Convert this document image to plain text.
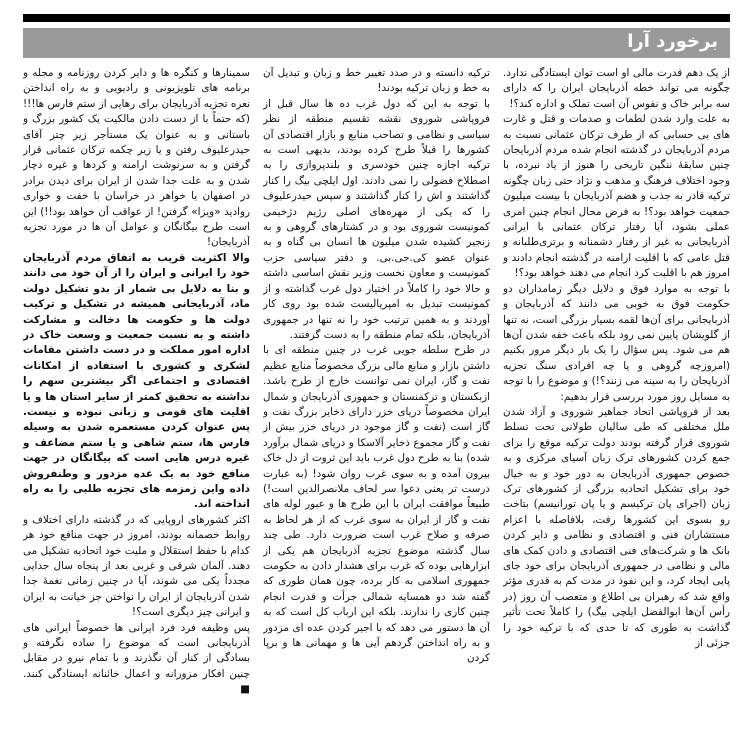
برخورد آرا

از یک دهم قدرت مالی او است توان ایستادگی ندارد. چگونه می تواند خطه آذربایجان ایران را که دارای سه برابر خاک و نفوس آن است تملک و اداره کند؟!

به علت وارد شدن لطمات و صدمات و قتل و غارت های بی حسابی که از طرف ترکان عثمانی نسبت به مردم آذربایجان در گذشته انجام شده مردم آذربایجان چنین سابقهٔ ننگین تاریخی را هنوز از یاد نبرده، با وجود اختلاف فرهنگ و مذهب و نژاد حتی زبان چگونه ترکیه قادر به جذب و هضم آذربایجان با بیست میلیون جمعیت خواهد بود؟! به فرض محال انجام چنین امری عملی بشود، آیا رفتار ترکان عثمانی با ایرانی آذربایجانی به غیر از رفتار دشمنانه و برتری‌طلبانه و قتل عامی که با اقلیت ارامنه در گذشته انجام دادند و امروز هم با اقلیت کرد انجام می دهند خواهد بود؟!

با توجه به موارد فوق و دلایل دیگر زمامداران دو حکومت فوق به خوبی می دانند که آذربایجان و آذربایجانی برای آن‌ها لقمه بسیار بزرگی است، نه تنها از گلویشان پایین نمی رود بلکه باعث خفه شدن آن‌ها هم می شود. پس سؤال را یک بار دیگر مرور بکنیم (امروزچه گروهی و یا چه افرادی سنگ تجزیه آذربایجان را به سینه می زنند؟!) و موضوع را با توجه به مسایل روز مورد بررسی قرار بدهیم:

بعد از فروپاشی اتحاد جماهیر شوروی و آزاد شدن ملل مختلفی که طی سالیان طولانی تحت تسلط شوروی قرار گرفته بودند دولت ترکیه موقع را برای جمع کردن کشورهای ترک زبان آسیای مرکزی و به خصوص جمهوری آذربایجان به دور خود و به خیال خود برای تشکیل اتحادیه بزرگی از کشورهای ترک زبان (اجرای پان ترکیسم و یا پان تورانیسم) بتاخت رو بسوی این کشورها رفت، بلافاصله با اعزام مستشاران فنی و اقتصادی و نظامی و دایر کردن بانک ها و شرکت‌های فنی اقتصادی و دادن کمک های مالی و نظامی در جمهوری آذربایجان برای خود جای پایی ایجاد کرد، و این نفوذ در مدت کم به قدری مؤثر واقع شد که رهبران بی اطلاع و متعصب آن روز (در رأس آن‌ها ابوالفضل ایلچی بیگ) را کاملاً تحت تأثیر گذاشت به طوری که تا حدی که با ترکیه خود را جزئی از

ترکیه دانسته و در صدد تغییر خط و زبان و تبدیل آن به خط و زبان ترکیه بودند!

با توجه به این که دول غرب ده ها سال قبل از فروپاشی شوروی نقشه تقسیم منطقه از نظر سیاسی و نظامی و تصاحب منابع و بازار اقتصادی آن کشورها را قبلاً طرح کرده بودند، بدیهی است به ترکیه اجازه چنین خودسری و بلندپروازی را به اصطلاح فضولی را نمی دادند. اول ایلچی بیگ را کنار گذاشتند و اش را کنار گذاشتند و سپس حیدرعلیوف را که یکی از مهره‌های اصلی رژیم دژخیمی کمونیست شوروی بود و در کشتارهای گروهی و به زنجیر کشیده شدن میلیون ها انسان بی گناه و به عنوان عضو کی.جی.بی. و دفتر سیاسی حزب کمونیست و معاون نخست وزیر نقش اساسی داشته و حالا خود را کاملاً در اختیار دول غرب گذاشته و از کمونیست تبدیل به امپریالیست شده بود روی کار آوردند و به همین ترتیب خود را نه تنها در جمهوری آذربایجان، بلکه تمام منطقه را به دست گرفتند.

در طرح سلطه جویی غرب در چنین منطقه ای با داشتن بازار و منابع مالی بزرگ مخصوصاً منابع عظیم نفت و گاز، ایران نمی توانست خارج از طرح باشد. ازبکستان و ترکمنستان و جمهوری آذربایجان و شمال ایران مخصوصاً دریای خزر دارای ذخایر بزرگ نفت و گاز است (نفت و گاز موجود در دریای خزر بیش از نفت و گاز مجموع ذخایر آلاسکا و دریای شمال برآورد شده) بنا به طرح دول غرب باید این ثروت از دل خاک بیرون آمده و به سوی غرب روان شود! (به عبارت درست تر یعنی دعوا سر لحاف ملانصرالدین است!) طبیعاً موافقت ایران با این طرح ها و عبور لوله های نفت و گاز از ایران به سوی غرب که از هر لحاظ به صرفه و صلاح غرب است ضرورت دارد. طی چند سال گذشته موضوع تجزیه آذربایجان هم یکی از ابزارهایی بوده که غرب برای هشدار دادن به حکومت جمهوری اسلامی به کار برده، چون همان طوری که گفته شد دو همسایه شمالی جرأت و قدرت انجام چنین کاری را ندارند. بلکه این ارباب کل است که به آن ها دستور می دهد که با اجیر کردن عده ای مزدور و به راه انداختن گردهم آیی ها و مهمانی ها و برپا کردن

سمینارها و کنگره ها و دایر کردن روزنامه و مجله و برنامه های تلویزیونی و رادیویی و به راه انداختن نعره تجزیه آذربایجان برای رهایی از ستم فارس ها!!! (که حتماً با از دست دادن مالکیت یک کشور بزرگ و باستانی و به عنوان یک مستأجر زیر چتر آقای حیدرعلیوف رفتن و یا زیر چکمه ترکان عثمانی قرار گرفتن و به سرنوشت ارامنه و کردها و غیره دچار شدن و به علت جدا شدن از ایران برای دیدن برادر در اصفهان یا خواهر در خراسان با خفت و خواری روادید «ویزا» گرفتن! از عواقب آن خواهد بود!!) این است طرح بیگانگان و عوامل آن ها در مورد تجزیه آذربایجان!

والا اکثریت قریب به اتفاق مردم آذربایجان خود را ایرانی و ایران را از آن خود می دانند و بنا به دلایل بی شمار از بدو تشکیل دولت ماد، آذربایجانی همیشه در تشکیل و ترکیب دولت ها و حکومت ها دخالت و مشارکت داشته و به نسبت جمعیت و وسعت خاک در اداره امور مملکت و در دست داشتن مقامات لشکری و کشوری با استفاده از امکانات اقتصادی و اجتماعی اگر بیشترین سهم را نداشته به تحقیق کمتر از سایر استان ها و یا اقلیت های قومی و زبانی نبوده و نیست. پس عنوان کردن مستعمره شدن به وسیله فارس ها، ستم شاهی و یا ستم مضاعف و غیره درس هایی است که بیگانگان در جهت منافع خود به یک عده مزدور و وطنفروش داده واین زمزمه های تجزیه طلبی را به راه انداخته اند.

اکثر کشورهای اروپایی که در گذشته دارای اختلاف و روابط خصمانه بودند، امروز در جهت منافع خود هر کدام با حفظ استقلال و ملیت خود اتحادیه تشکیل می دهند. آلمان شرقی و غربی بعد از پنجاه سال جدایی مجدداً یکی می شوند، آیا در چنین زمانی نغمهٔ جدا شدن آذربایجان از ایران را نواختن جز خیانت به ایران و ایرانی چیز دیگری است؟!

پس وظیفه فرد فرد ایرانی ها خصوصاً ایرانی های آذربایجانی است که موضوع را ساده نگرفته و بسادگی از کنار آن نگذرند و با تمام نیرو در مقابل چنین افکار مزورانه و اعمال خائنانه ایستادگی کنند. ■
